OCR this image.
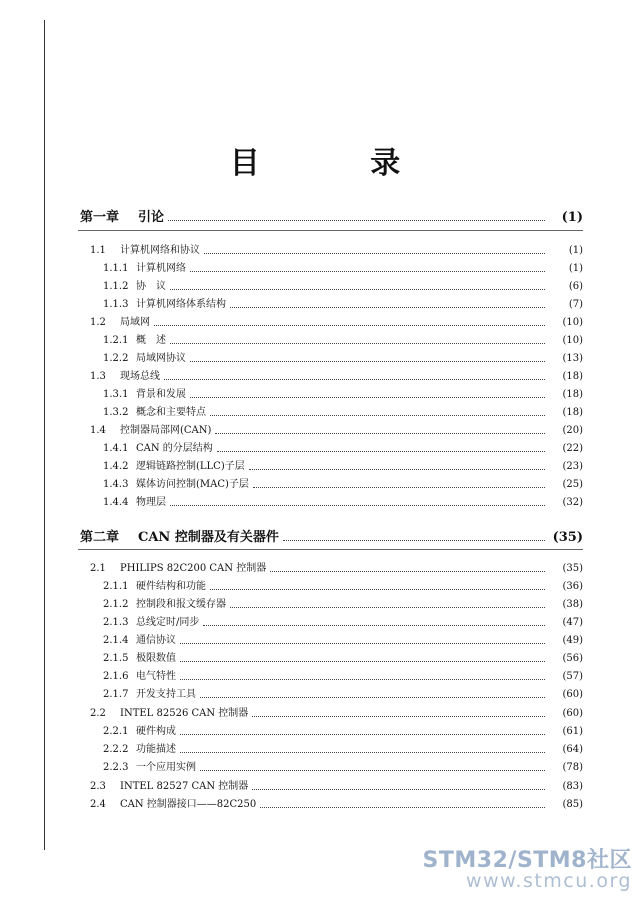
目 录
第一章	引论	(1)
1.1	计算机网络和协议	(1)
1.1.1 计算机网络	(1)
1.1.2 协　议	(6)
1.1.3 计算机网络体系结构	(7)
1.2	局域网	(10)
1.2.1 概　述	(10)
1.2.2 局域网协议	(13)
1.3	现场总线	(18)
1.3.1 背景和发展	(18)
1.3.2 概念和主要特点	(18)
1.4	控制器局部网(CAN)	(20)
1.4.1 CAN 的分层结构	(22)
1.4.2 逻辑链路控制(LLC)子层	(23)
1.4.3 媒体访问控制(MAC)子层	(25)
1.4.4 物理层	(32)
第二章	CAN 控制器及有关器件	(35)
2.1	PHILIPS 82C200 CAN 控制器	(35)
2.1.1 硬件结构和功能	(36)
2.1.2 控制段和报文缓存器	(38)
2.1.3 总线定时/同步	(47)
2.1.4 通信协议	(49)
2.1.5 极限数值	(56)
2.1.6 电气特性	(57)
2.1.7 开发支持工具	(60)
2.2	INTEL 82526 CAN 控制器	(60)
2.2.1 硬件构成	(61)
2.2.2 功能描述	(64)
2.2.3 一个应用实例	(78)
2.3	INTEL 82527 CAN 控制器	(83)
2.4	CAN 控制器接口——82C250	(85)
STM32/STM8社区
www.stmcu.org
